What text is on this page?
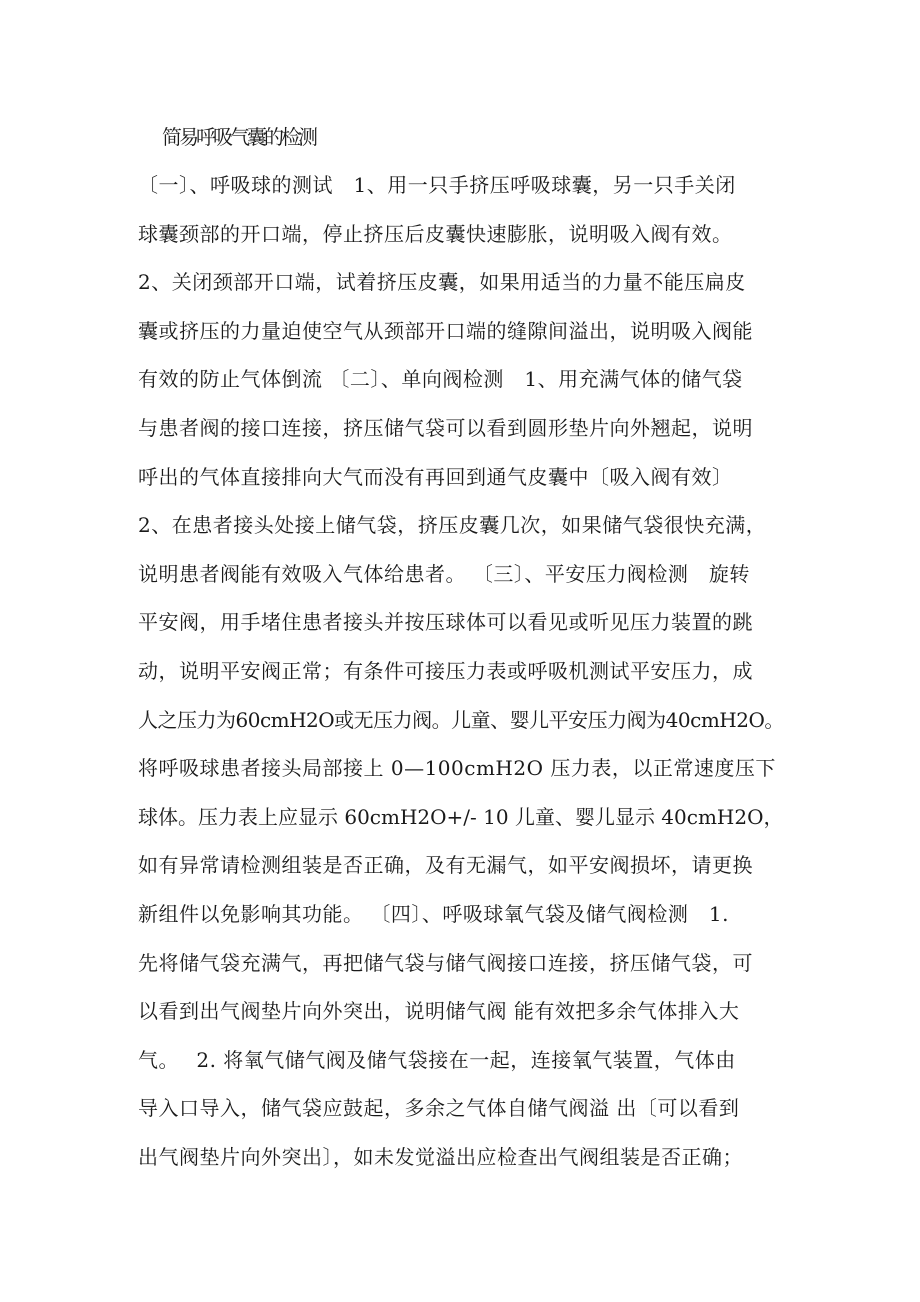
简易呼吸气囊的检测
〔一〕、呼吸球的测试　1、用一只手挤压呼吸球囊，另一只手关闭
球囊颈部的开口端，停止挤压后皮囊快速膨胀，说明吸入阀有效。
2、关闭颈部开口端，试着挤压皮囊，如果用适当的力量不能压扁皮
囊或挤压的力量迫使空气从颈部开口端的缝隙间溢出，说明吸入阀能
有效的防止气体倒流 〔二〕、单向阀检测　1、用充满气体的储气袋
与患者阀的接口连接，挤压储气袋可以看到圆形垫片向外翘起，说明
呼出的气体直接排向大气而没有再回到通气皮囊中〔吸入阀有效〕
2、在患者接头处接上储气袋，挤压皮囊几次，如果储气袋很快充满，
说明患者阀能有效吸入气体给患者。 〔三〕、平安压力阀检测　旋转
平安阀，用手堵住患者接头并按压球体可以看见或听见压力装置的跳
动，说明平安阀正常；有条件可接压力表或呼吸机测试平安压力，成
人之压力为60cmH2O或无压力阀。儿童、婴儿平安压力阀为40cmH2O。
将呼吸球患者接头局部接上 0—100cmH2O 压力表，以正常速度压下
球体。压力表上应显示 60cmH2O+/- 10 儿童、婴儿显示 40cmH2O，
如有异常请检测组装是否正确，及有无漏气，如平安阀损坏，请更换
新组件以免影响其功能。 〔四〕、呼吸球氧气袋及储气阀检测　1.
先将储气袋充满气，再把储气袋与储气阀接口连接，挤压储气袋，可
以看到出气阀垫片向外突出，说明储气阀 能有效把多余气体排入大
气。　 2. 将氧气储气阀及储气袋接在一起，连接氧气装置，气体由
导入口导入，储气袋应鼓起，多余之气体自储气阀溢 出〔可以看到
出气阀垫片向外突出〕，如未发觉溢出应检查出气阀组装是否正确；
